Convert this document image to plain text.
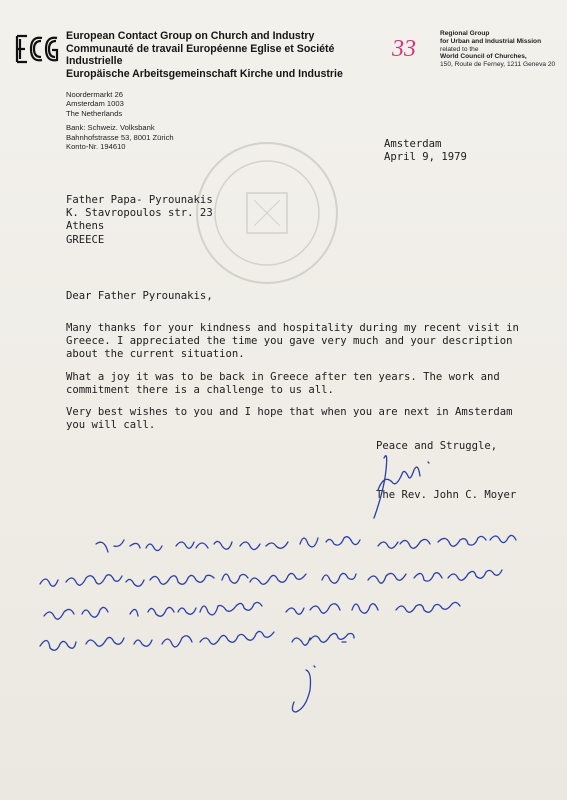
European Contact Group on Church and Industry
Communauté de travail Européenne Eglise et Société Industrielle
Europäische Arbeitsgemeinschaft Kirche und Industrie
33
Regional Group
for Urban and Industrial Mission
related to the
World Council of Churches,
150, Route de Ferney, 1211 Geneva 20
Noordermarkt 26
Amsterdam 1003
The Netherlands
Bank: Schweiz. Volksbank
Bahnhofstrasse 53, 8001 Zürich
Konto-Nr. 194610	Amsterdam
April 9, 1979
Father Papa- Pyrounakis
K. Stavropoulos str. 23
Athens
GREECE
Dear Father Pyrounakis,

Many thanks for your kindness and hospitality during my recent visit in Greece. I appreciated the time you gave very much and your description about the current situation.

What a joy it was to be back in Greece after ten years. The work and commitment there is a challenge to us all.

Very best wishes to you and I hope that when you are next in Amsterdam you will call.

Peace and Struggle,
The Rev. John C. Moyer
